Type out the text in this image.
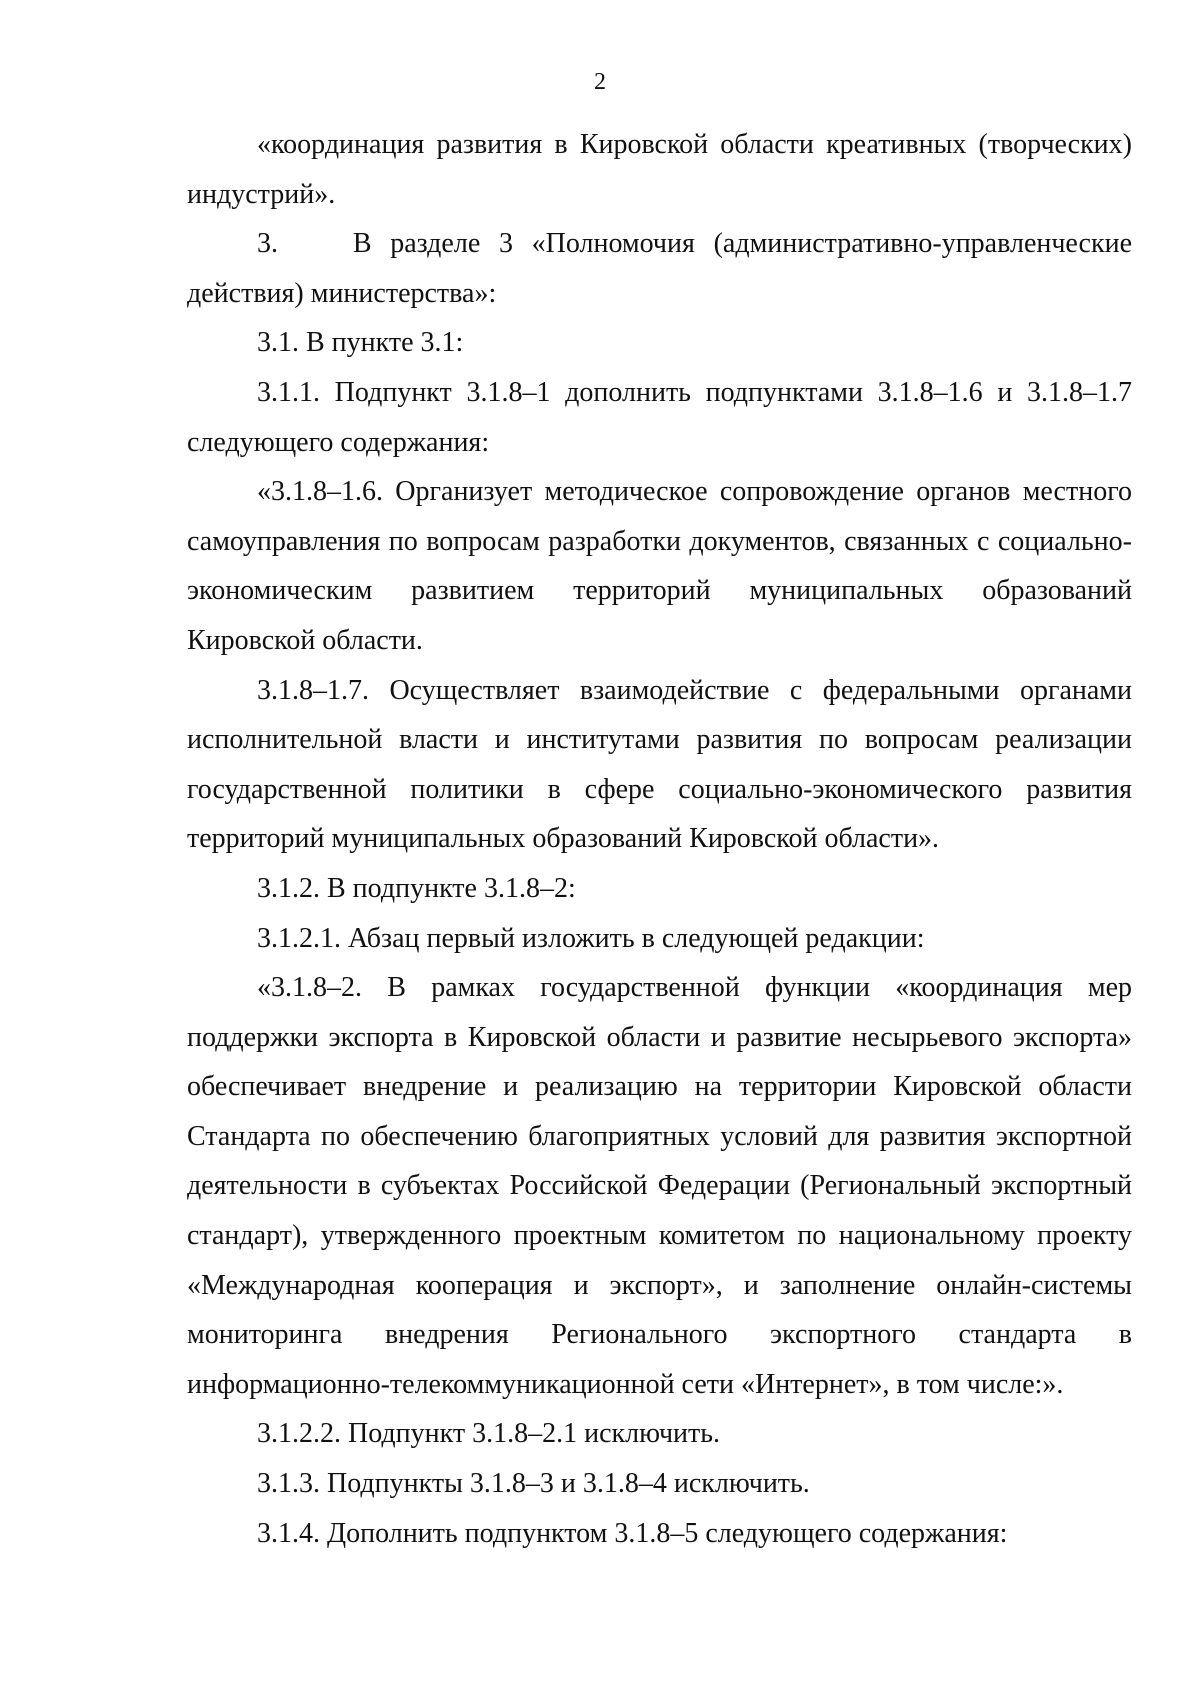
2

«координация развития в Кировской области креативных (творческих) индустрий».

3.    В разделе 3 «Полномочия (административно-управленческие действия) министерства»:

3.1. В пункте 3.1:

3.1.1. Подпункт 3.1.8–1 дополнить подпунктами 3.1.8–1.6 и 3.1.8–1.7 следующего содержания:

«3.1.8–1.6. Организует методическое сопровождение органов местного самоуправления по вопросам разработки документов, связанных с социально-экономическим развитием территорий муниципальных образований Кировской области.

3.1.8–1.7. Осуществляет взаимодействие с федеральными органами исполнительной власти и институтами развития по вопросам реализации государственной политики в сфере социально-экономического развития территорий муниципальных образований Кировской области».

3.1.2. В подпункте 3.1.8–2:

3.1.2.1. Абзац первый изложить в следующей редакции:

«3.1.8–2. В рамках государственной функции «координация мер поддержки экспорта в Кировской области и развитие несырьевого экспорта» обеспечивает внедрение и реализацию на территории Кировской области Стандарта по обеспечению благоприятных условий для развития экспортной деятельности в субъектах Российской Федерации (Региональный экспортный стандарт), утвержденного проектным комитетом по национальному проекту «Международная кооперация и экспорт», и заполнение онлайн-системы мониторинга внедрения Регионального экспортного стандарта в информационно-телекоммуникационной сети «Интернет», в том числе:».

3.1.2.2. Подпункт 3.1.8–2.1 исключить.

3.1.3. Подпункты 3.1.8–3 и 3.1.8–4 исключить.

3.1.4. Дополнить подпунктом 3.1.8–5 следующего содержания:
